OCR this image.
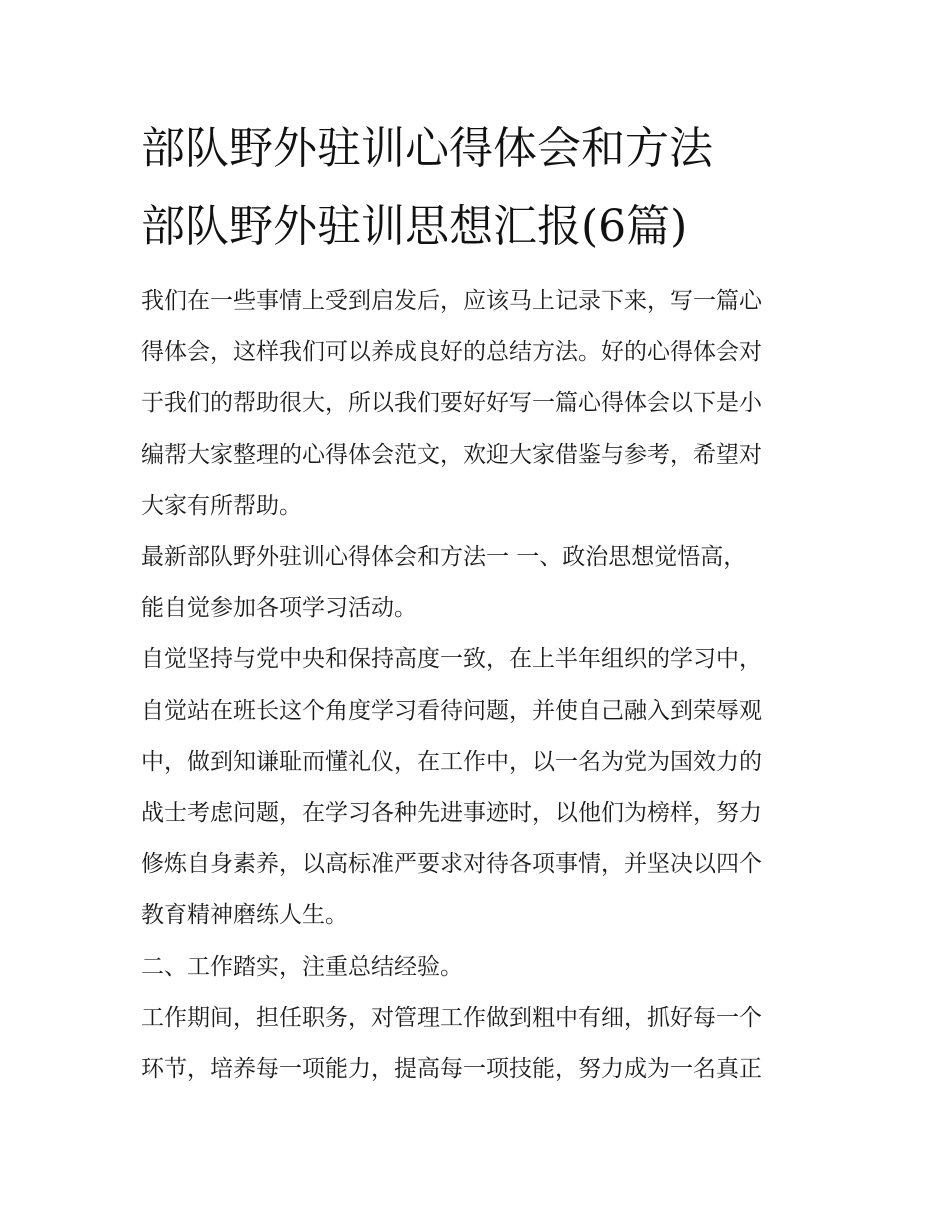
部队野外驻训心得体会和方法
部队野外驻训思想汇报(6篇)

我们在一些事情上受到启发后，应该马上记录下来，写一篇心
得体会，这样我们可以养成良好的总结方法。好的心得体会对
于我们的帮助很大，所以我们要好好写一篇心得体会以下是小
编帮大家整理的心得体会范文，欢迎大家借鉴与参考，希望对
大家有所帮助。

最新部队野外驻训心得体会和方法一 一、政治思想觉悟高，
能自觉参加各项学习活动。

自觉坚持与党中央和保持高度一致，在上半年组织的学习中，
自觉站在班长这个角度学习看待问题，并使自己融入到荣辱观
中，做到知谦耻而懂礼仪，在工作中，以一名为党为国效力的
战士考虑问题，在学习各种先进事迹时，以他们为榜样，努力
修炼自身素养，以高标准严要求对待各项事情，并坚决以四个
教育精神磨练人生。

二、工作踏实，注重总结经验。

工作期间，担任职务，对管理工作做到粗中有细，抓好每一个
环节，培养每一项能力，提高每一项技能，努力成为一名真正
